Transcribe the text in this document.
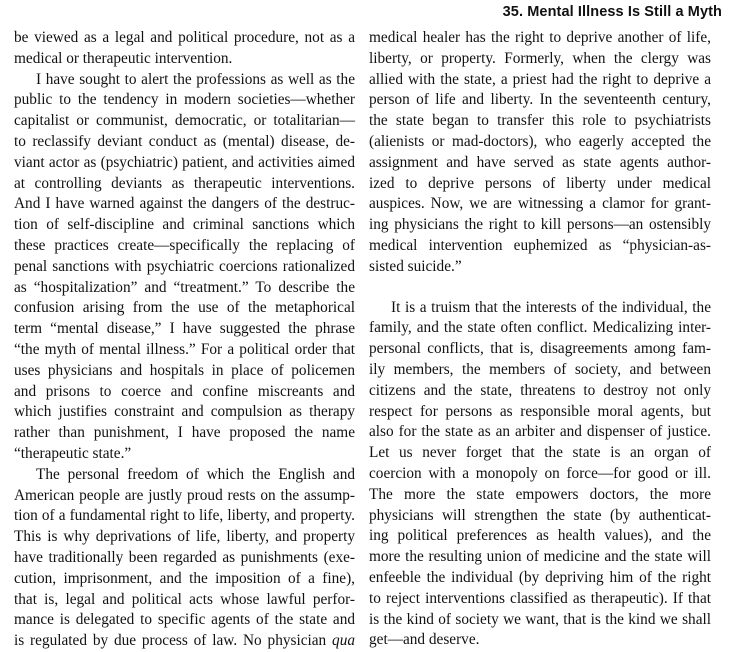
35. Mental Illness Is Still a Myth
be viewed as a legal and political procedure, not as a
medical or therapeutic intervention.
I have sought to alert the professions as well as the
public to the tendency in modern societies—whether
capitalist or communist, democratic, or totalitarian—
to reclassify deviant conduct as (mental) disease, de-
viant actor as (psychiatric) patient, and activities aimed
at controlling deviants as therapeutic interventions.
And I have warned against the dangers of the destruc-
tion of self-discipline and criminal sanctions which
these practices create—specifically the replacing of
penal sanctions with psychiatric coercions rationalized
as “hospitalization” and “treatment.” To describe the
confusion arising from the use of the metaphorical
term “mental disease,” I have suggested the phrase
“the myth of mental illness.” For a political order that
uses physicians and hospitals in place of policemen
and prisons to coerce and confine miscreants and
which justifies constraint and compulsion as therapy
rather than punishment, I have proposed the name
“therapeutic state.”
The personal freedom of which the English and
American people are justly proud rests on the assump-
tion of a fundamental right to life, liberty, and property.
This is why deprivations of life, liberty, and property
have traditionally been regarded as punishments (exe-
cution, imprisonment, and the imposition of a fine),
that is, legal and political acts whose lawful perfor-
mance is delegated to specific agents of the state and
is regulated by due process of law. No physician qua
medical healer has the right to deprive another of life,
liberty, or property. Formerly, when the clergy was
allied with the state, a priest had the right to deprive a
person of life and liberty. In the seventeenth century,
the state began to transfer this role to psychiatrists
(alienists or mad-doctors), who eagerly accepted the
assignment and have served as state agents author-
ized to deprive persons of liberty under medical
auspices. Now, we are witnessing a clamor for grant-
ing physicians the right to kill persons—an ostensibly
medical intervention euphemized as “physician-as-
sisted suicide.”
It is a truism that the interests of the individual, the
family, and the state often conflict. Medicalizing inter-
personal conflicts, that is, disagreements among fam-
ily members, the members of society, and between
citizens and the state, threatens to destroy not only
respect for persons as responsible moral agents, but
also for the state as an arbiter and dispenser of justice.
Let us never forget that the state is an organ of
coercion with a monopoly on force—for good or ill.
The more the state empowers doctors, the more
physicians will strengthen the state (by authenticat-
ing political preferences as health values), and the
more the resulting union of medicine and the state will
enfeeble the individual (by depriving him of the right
to reject interventions classified as therapeutic). If that
is the kind of society we want, that is the kind we shall
get—and deserve.
